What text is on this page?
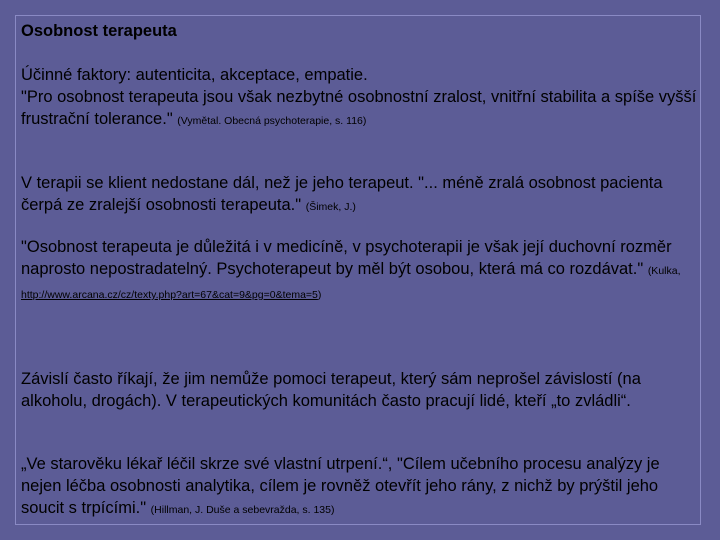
Osobnost terapeuta
Účinné faktory: autenticita, akceptace, empatie.
"Pro osobnost terapeuta jsou však nezbytné osobnostní zralost, vnitřní stabilita a spíše vyšší frustrační tolerance." (Vymětal. Obecná psychoterapie, s. 116)
V terapii se klient nedostane dál, než je jeho terapeut. "... méně zralá osobnost pacienta čerpá ze zralejší osobnosti terapeuta." (Šimek, J.)
"Osobnost terapeuta je důležitá i v medicíně, v psychoterapii je však její duchovní rozměr naprosto nepostradatelný. Psychoterapeut by měl být osobou, která má co rozdávat." (Kulka, http://www.arcana.cz/cz/texty.php?art=67&cat=9&pg=0&tema=5)
Závislí často říkají, že jim nemůže pomoci terapeut, který sám neprošel závislostí (na alkoholu, drogách). V terapeutických komunitách často pracují lidé, kteří „to zvládli“.
„Ve starověku lékař léčil skrze své vlastní utrpení.“, "Cílem učebního procesu analýzy je nejen léčba osobnosti analytika, cílem je rovněž otevřít jeho rány, z nichž by prýštil jeho soucit s trpícími." (Hillman, J. Duše a sebevražda, s. 135)
